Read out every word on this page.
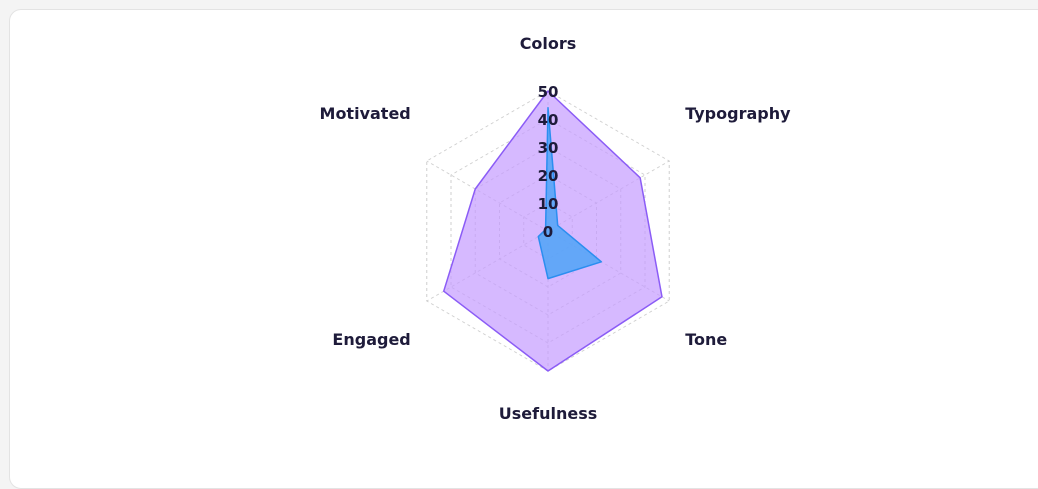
Colors
Typography
Tone
Usefulness
Engaged
Motivated
0
10
20
30
40
50
